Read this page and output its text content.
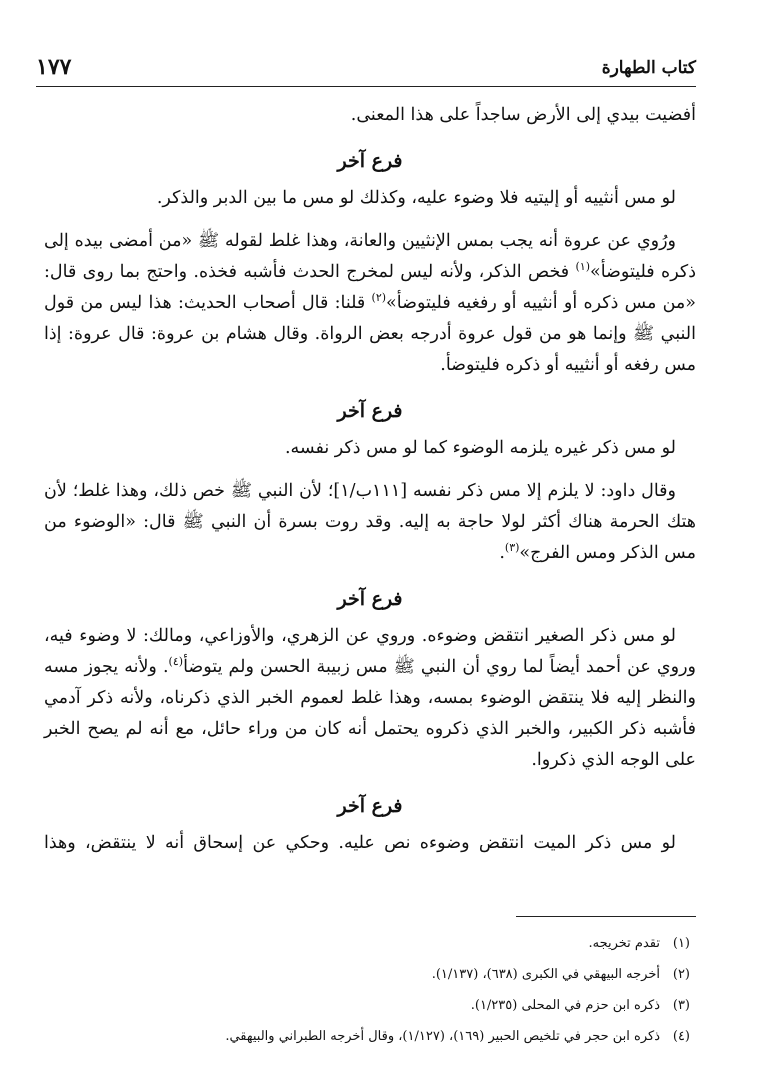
كتاب الطهارة
١٧٧

أفضيت بيدي إلى الأرض ساجداً على هذا المعنى.

فرع آخر

لو مس أنثييه أو إليتيه فلا وضوء عليه، وكذلك لو مس ما بين الدبر والذكر.

ورُوي عن عروة أنه يجب بمس الإنثيين والعانة، وهذا غلط لقوله ﷺ «من أمضى بيده إلى ذكره فليتوضأ»$^{(١)}$ فخص الذكر، ولأنه ليس لمخرج الحدث فأشبه فخذه. واحتج بما روى قال: «من مس ذكره أو أنثييه أو رفغيه فليتوضأ»$^{(٢)}$ قلنا: قال أصحاب الحديث: هذا ليس من قول النبي ﷺ وإنما هو من قول عروة أدرجه بعض الرواة. وقال هشام بن عروة: قال عروة: إذا مس رفغه أو أنثييه أو ذكره فليتوضأ.

فرع آخر

لو مس ذكر غيره يلزمه الوضوء كما لو مس ذكر نفسه.

وقال داود: لا يلزم إلا مس ذكر نفسه [١١١ب/١]؛ لأن النبي ﷺ خص ذلك، وهذا غلط؛ لأن هتك الحرمة هناك أكثر لولا حاجة به إليه. وقد روت بسرة أن النبي ﷺ قال: «الوضوء من مس الذكر ومس الفرج»$^{(٣)}$.

فرع آخر

لو مس ذكر الصغير انتقض وضوءه. وروي عن الزهري، والأوزاعي، ومالك: لا وضوء فيه، وروي عن أحمد أيضاً لما روي أن النبي ﷺ مس زبيبة الحسن ولم يتوضأ$^{(٤)}$. ولأنه يجوز مسه والنظر إليه فلا ينتقض الوضوء بمسه، وهذا غلط لعموم الخبر الذي ذكرناه، ولأنه ذكر آدمي فأشبه ذكر الكبير، والخبر الذي ذكروه يحتمل أنه كان من وراء حائل، مع أنه لم يصح الخبر على الوجه الذي ذكروا.

فرع آخر

لو مس ذكر الميت انتقض وضوءه نص عليه. وحكي عن إسحاق أنه لا ينتقض، وهذا

(١)تقدم تخريجه.
(٢)أخرجه البيهقي في الكبرى (٦٣٨)، (١/١٣٧).
(٣)ذكره ابن حزم في المحلى (١/٢٣٥).
(٤)ذكره ابن حجر في تلخيص الحبير (١٦٩)، (١/١٢٧)، وقال أخرجه الطبراني والبيهقي.
